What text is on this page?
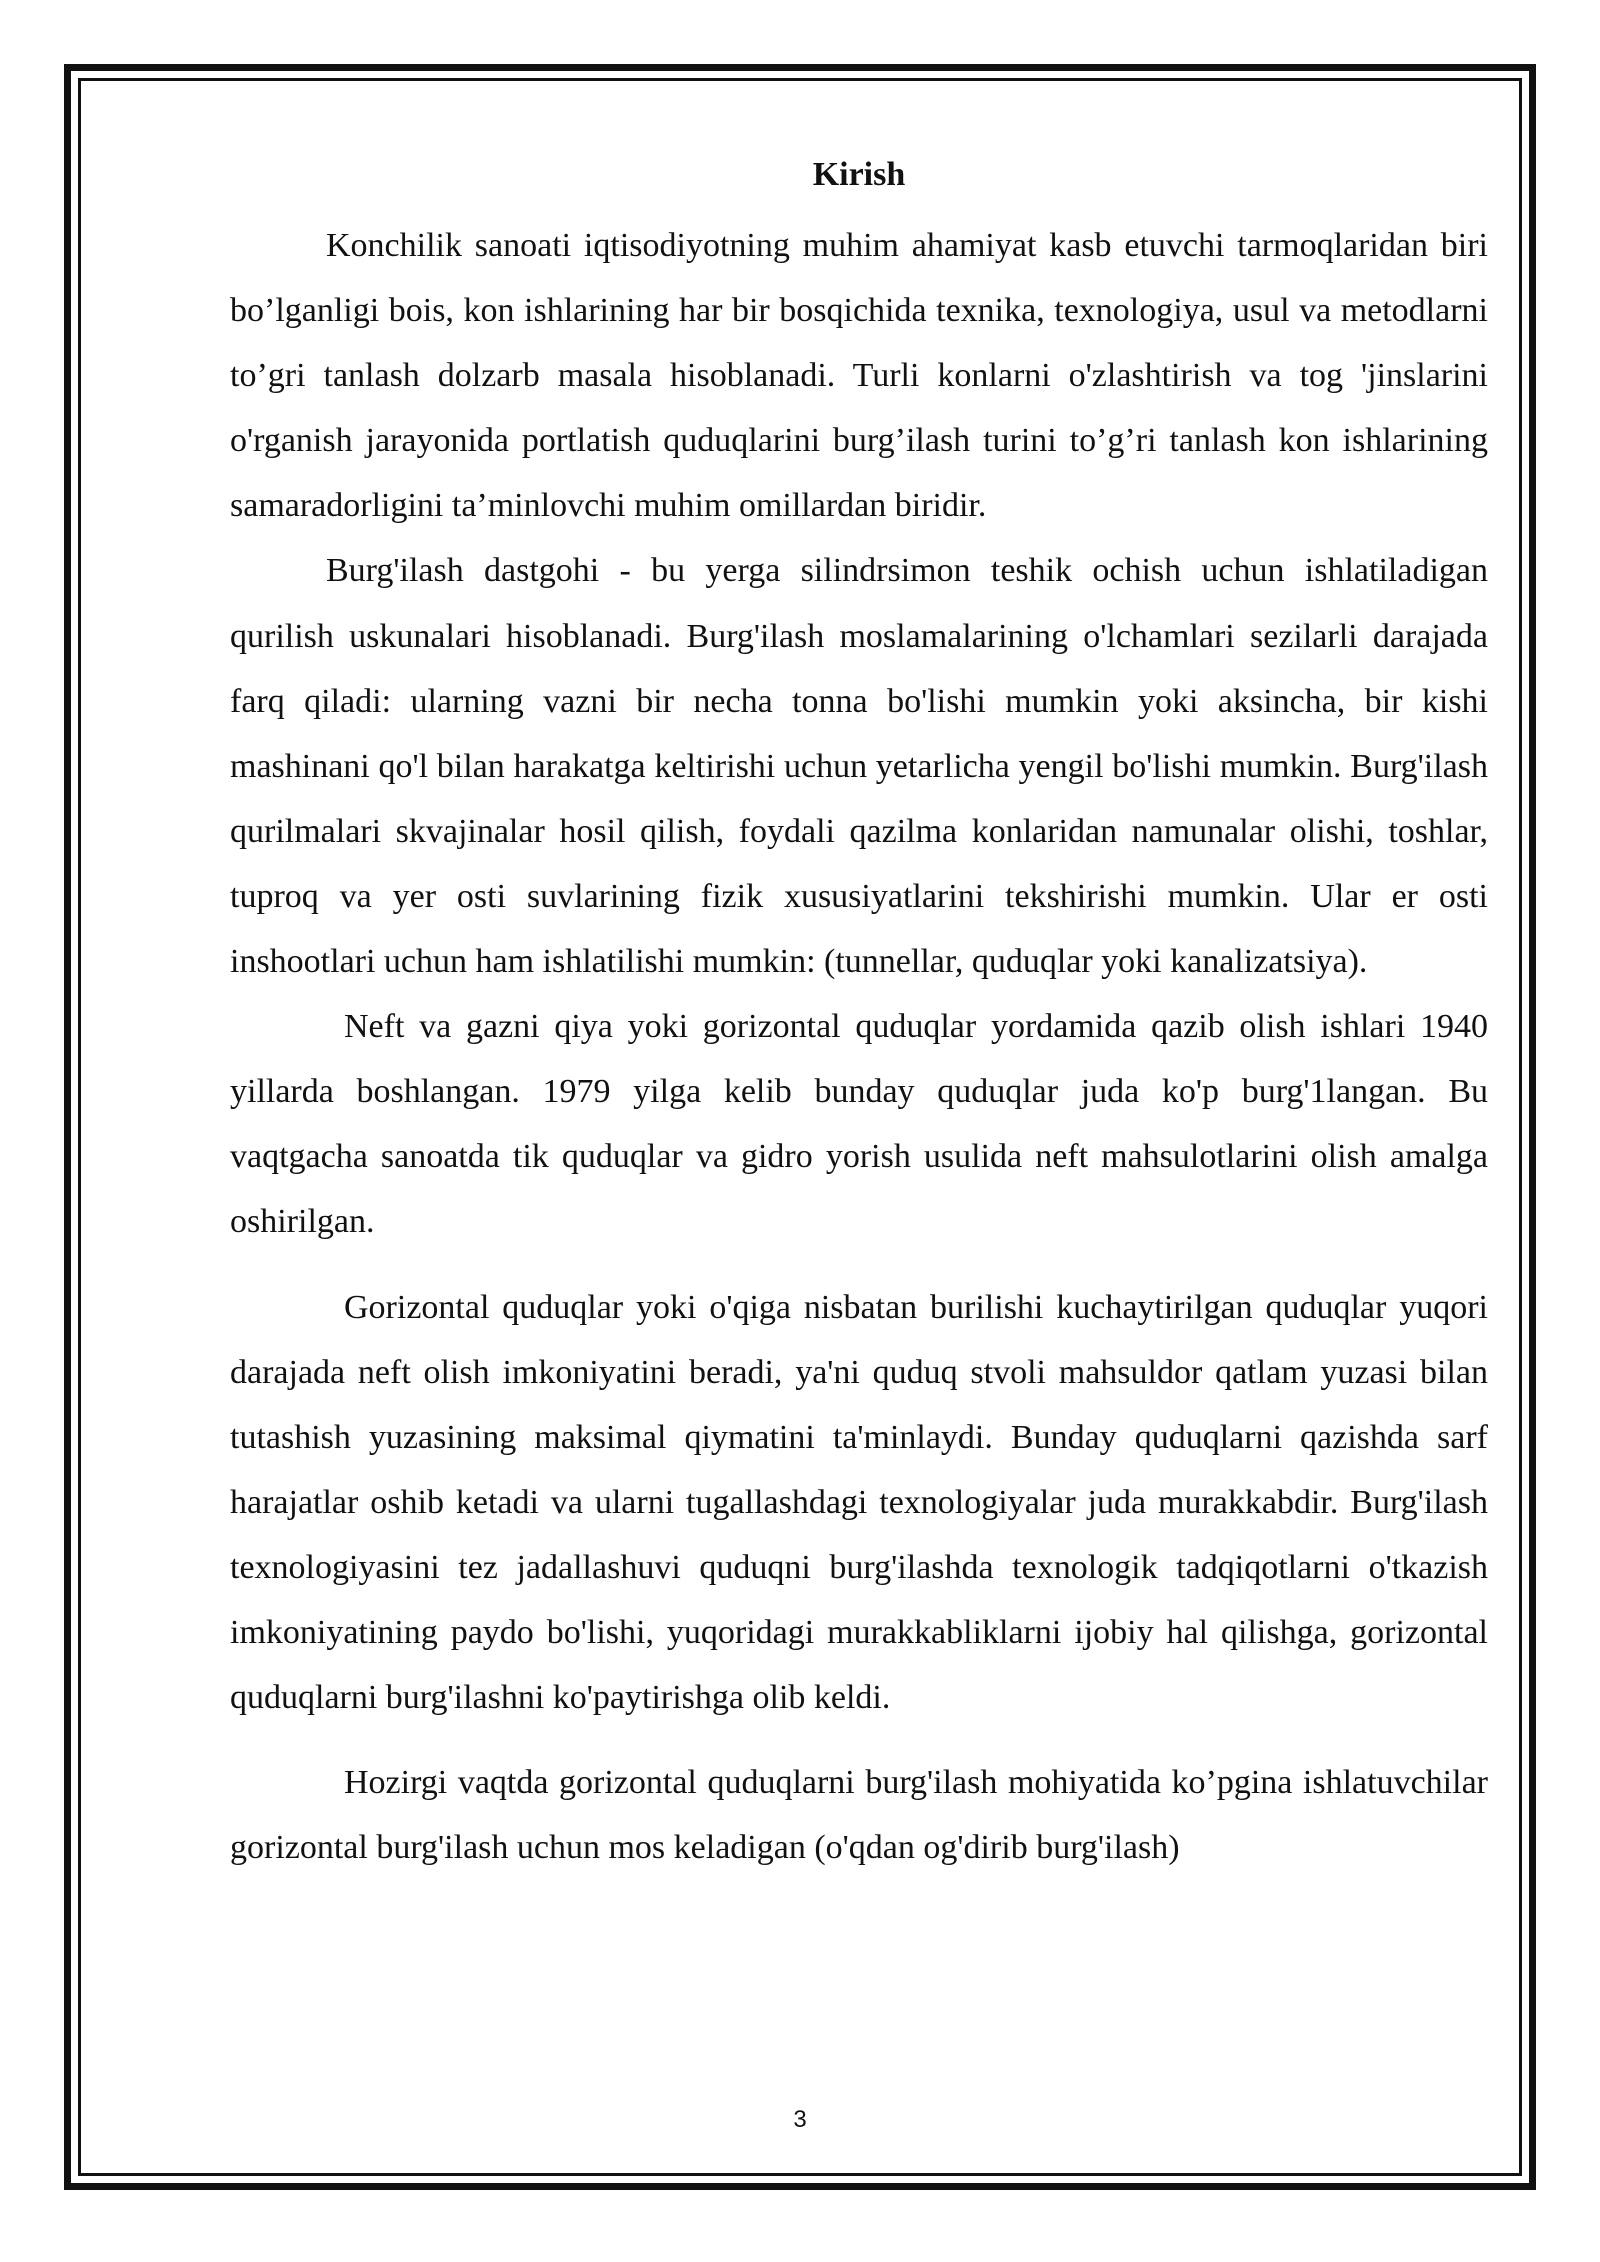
Kirish

Konchilik sanoati iqtisodiyotning muhim ahamiyat kasb etuvchi tarmoqlaridan biri bo’lganligi bois, kon ishlarining har bir bosqichida texnika, texnologiya, usul va metodlarni to’gri tanlash dolzarb masala hisoblanadi. Turli konlarni o'zlashtirish va tog 'jinslarini o'rganish jarayonida portlatish quduqlarini burg’ilash turini to’g’ri tanlash kon ishlarining samaradorligini ta’minlovchi muhim omillardan biridir.

Burg'ilash dastgohi - bu yerga silindrsimon teshik ochish uchun ishlatiladigan qurilish uskunalari hisoblanadi. Burg'ilash moslamalarining o'lchamlari sezilarli darajada farq qiladi: ularning vazni bir necha tonna bo'lishi mumkin yoki aksincha, bir kishi mashinani qo'l bilan harakatga keltirishi uchun yetarlicha yengil bo'lishi mumkin. Burg'ilash qurilmalari skvajinalar hosil qilish, foydali qazilma konlaridan namunalar olishi, toshlar, tuproq va yer osti suvlarining fizik xususiyatlarini tekshirishi mumkin. Ular er osti inshootlari uchun ham ishlatilishi mumkin: (tunnellar, quduqlar yoki kanalizatsiya).

Neft va gazni qiya yoki gorizontal quduqlar yordamida qazib olish ishlari 1940 yillarda boshlangan. 1979 yilga kelib bunday quduqlar juda ko'p burg'1langan. Bu vaqtgacha sanoatda tik quduqlar va gidro yorish usulida neft mahsulotlarini olish amalga oshirilgan.

Gorizontal quduqlar yoki o'qiga nisbatan burilishi kuchaytirilgan quduqlar yuqori darajada neft olish imkoniyatini beradi, ya'ni quduq stvoli mahsuldor qatlam yuzasi bilan tutashish yuzasining maksimal qiymatini ta'minlaydi. Bunday quduqlarni qazishda sarf harajatlar oshib ketadi va ularni tugallashdagi texnologiyalar juda murakkabdir. Burg'ilash texnologiyasini tez jadallashuvi quduqni burg'ilashda texnologik tadqiqotlarni o'tkazish imkoniyatining paydo bo'lishi, yuqoridagi murakkabliklarni ijobiy hal qilishga, gorizontal quduqlarni burg'ilashni ko'paytirishga olib keldi.

Hozirgi vaqtda gorizontal quduqlarni burg'ilash mohiyatida ko’pgina ishlatuvchilar gorizontal burg'ilash uchun mos keladigan (o'qdan og'dirib burg'ilash)

3
